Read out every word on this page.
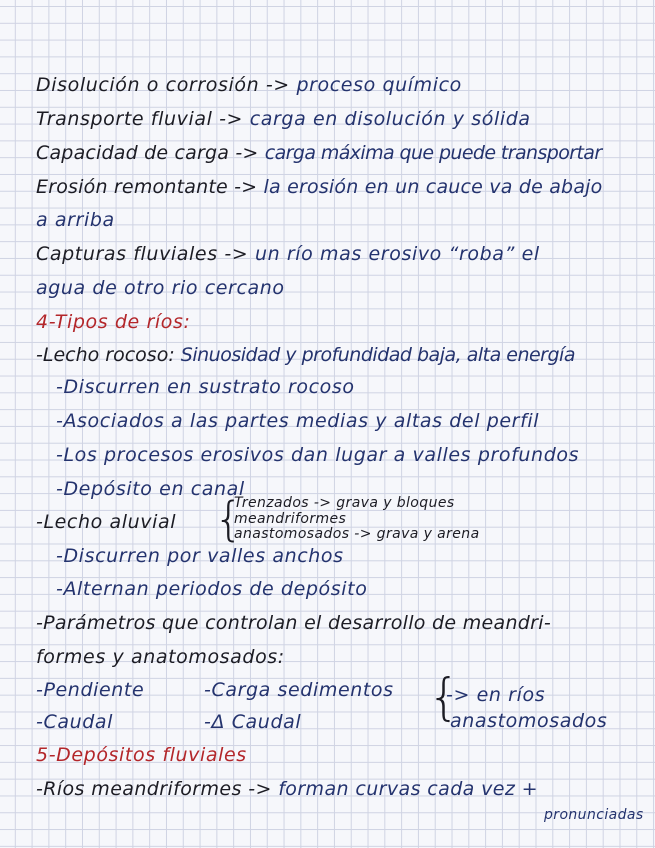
Disolución o corrosión -> proceso químico
Transporte fluvial -> carga en disolución y sólida
Capacidad de carga -> carga máxima que puede transportar
Erosión remontante -> la erosión en un cauce va de abajo
a arriba
Capturas fluviales -> un río mas erosivo “roba” el
agua de otro rio cercano
4-Tipos de ríos:
-Lecho rocoso: Sinuosidad y profundidad baja, alta energía
-Discurren en sustrato rocoso
-Asociados a las partes medias y altas del perfil
-Los procesos erosivos dan lugar a valles profundos
-Depósito en canal
-Lecho aluvial {
Trenzados -> grava y bloques
meandriformes
anastomosados -> grava y arena
-Discurren por valles anchos
-Alternan periodos de depósito
-Parámetros que controlan el desarrollo de meandri-
formes y anatomosados:
-Pendiente	-Carga sedimentos
-Caudal	-Δ Caudal	{
-> en ríos
anastomosados
5-Depósitos fluviales
-Ríos meandriformes -> forman curvas cada vez +
pronunciadas
